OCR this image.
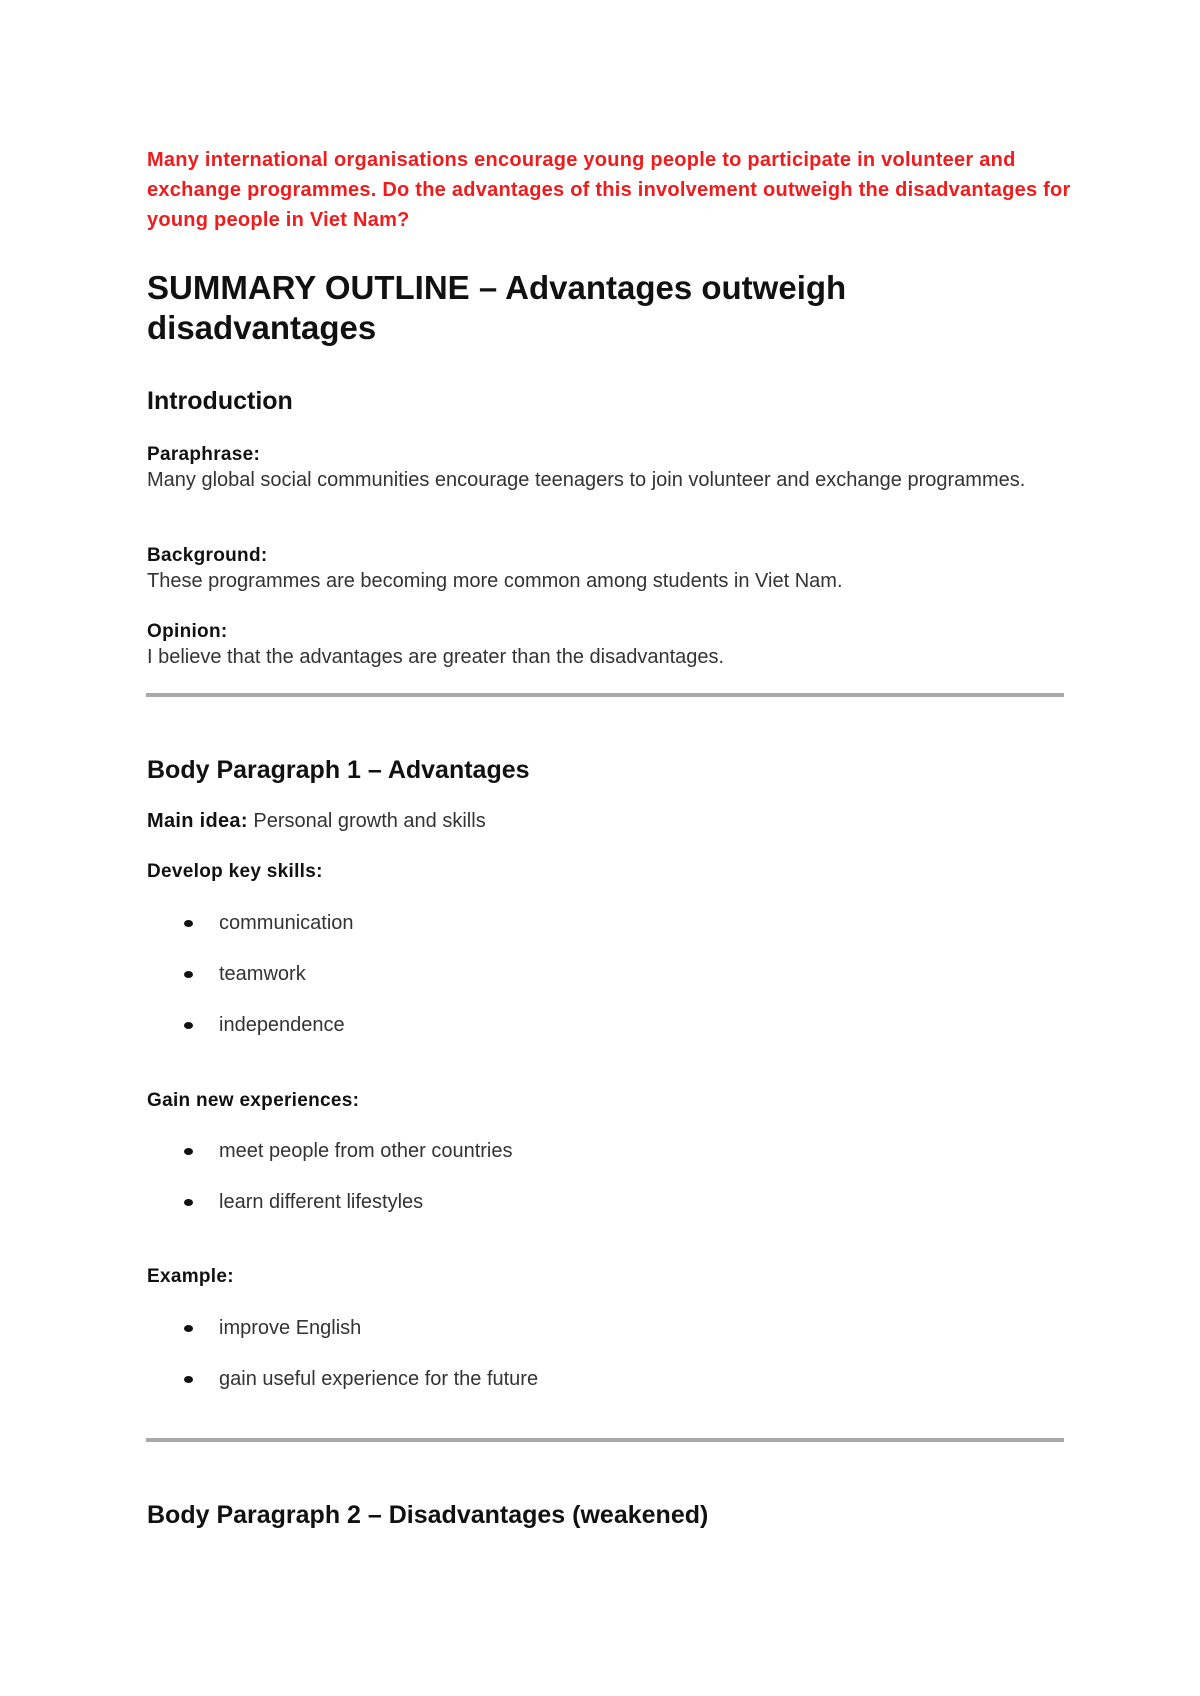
Many international organisations encourage young people to participate in volunteer and exchange programmes. Do the advantages of this involvement outweigh the disadvantages for young people in Viet Nam?

SUMMARY OUTLINE – Advantages outweigh disadvantages
Introduction
Paraphrase:
Many global social communities encourage teenagers to join volunteer and exchange programmes.
Background:
These programmes are becoming more common among students in Viet Nam.
Opinion:
I believe that the advantages are greater than the disadvantages.
Body Paragraph 1 – Advantages
Main idea: Personal growth and skills
Develop key skills:
communication
teamwork
independence
Gain new experiences:
meet people from other countries
learn different lifestyles
Example:
improve English
gain useful experience for the future
Body Paragraph 2 – Disadvantages (weakened)
